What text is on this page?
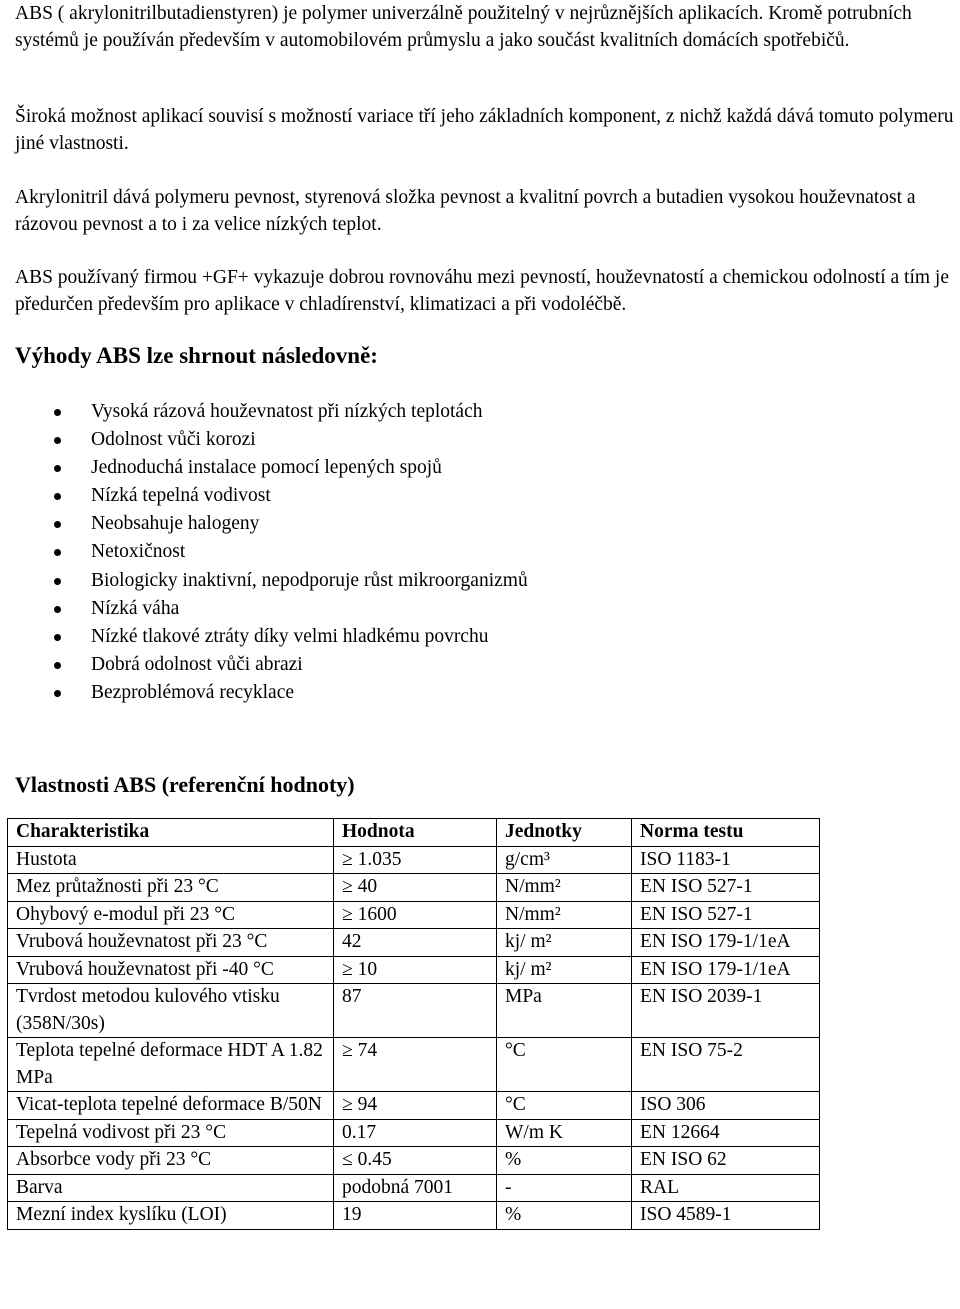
ABS ( akrylonitrilbutadienstyren) je polymer univerzálně použitelný v nejrůznějších aplikacích. Kromě potrubních systémů je používán především v automobilovém průmyslu a jako součást kvalitních domácích spotřebičů.

Široká možnost aplikací souvisí s možností variace tří jeho základních komponent, z nichž každá dává tomuto polymeru jiné vlastnosti.

Akrylonitril dává polymeru pevnost, styrenová složka pevnost a kvalitní povrch a butadien vysokou houževnatost a rázovou pevnost a to i za velice nízkých teplot.

ABS používaný firmou +GF+ vykazuje dobrou rovnováhu mezi pevností, houževnatostí a chemickou odolností a tím je předurčen především pro aplikace v chladírenství, klimatizaci a při vodoléčbě.

Výhody ABS lze shrnout následovně:
Vysoká rázová houževnatost při nízkých teplotách
Odolnost vůči korozi
Jednoduchá instalace pomocí lepených spojů
Nízká tepelná vodivost
Neobsahuje halogeny
Netoxičnost
Biologicky inaktivní, nepodporuje růst mikroorganizmů
Nízká váha
Nízké tlakové ztráty díky velmi hladkému povrchu
Dobrá odolnost vůči abrazi
Bezproblémová recyklace
Vlastnosti ABS (referenční hodnoty)
Charakteristika	Hodnota	Jednotky	Norma testu
Hustota	≥ 1.035	g/cm³	ISO 1183-1
Mez průtažnosti při 23 °C	≥ 40	N/mm²	EN ISO 527-1
Ohybový e-modul při 23 °C	≥ 1600	N/mm²	EN ISO 527-1
Vrubová houževnatost při 23 °C	42	kj/ m²	EN ISO 179-1/1eA
Vrubová houževnatost při -40 °C	≥ 10	kj/ m²	EN ISO 179-1/1eA
Tvrdost metodou kulového vtisku (358N/30s)	87	MPa	EN ISO 2039-1
Teplota tepelné deformace HDT A 1.82 MPa	≥ 74	°C	EN ISO 75-2
Vicat-teplota tepelné deformace B/50N	≥ 94	°C	ISO 306
Tepelná vodivost při 23 °C	0.17	W/m K	EN 12664
Absorbce vody při 23 °C	≤ 0.45	%	EN ISO 62
Barva	podobná 7001	-	RAL
Mezní index kyslíku (LOI)	19	%	ISO 4589-1
